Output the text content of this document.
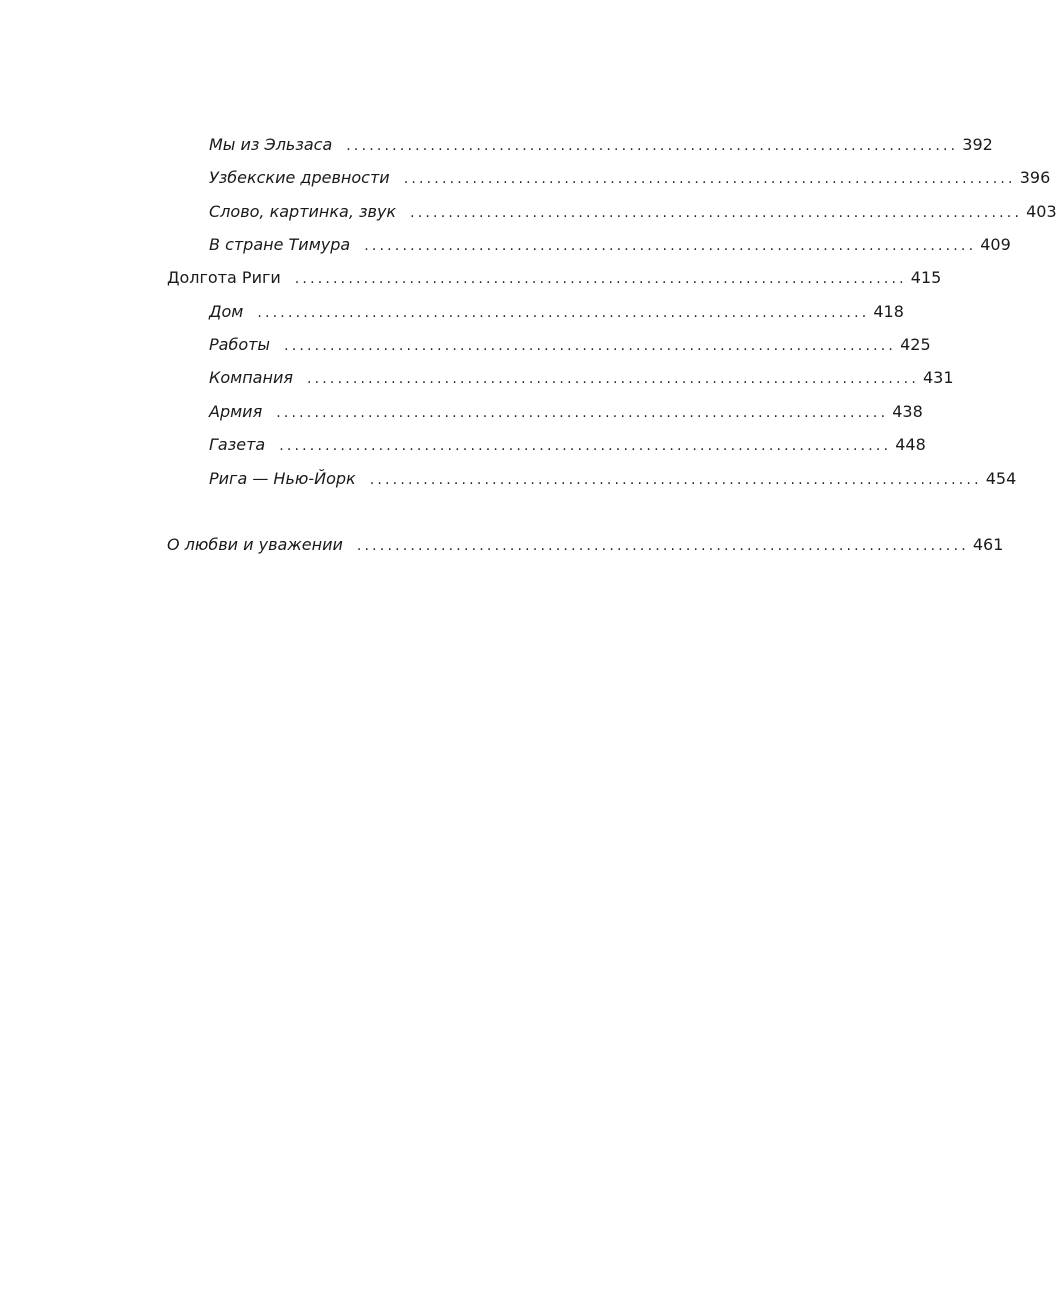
Мы из Эльзаса ................................................................................ 392
Узбекские древности ................................................................................ 396
Слово, картинка, звук ................................................................................ 403
В стране Тимура ................................................................................ 409
Долгота Риги ................................................................................ 415
Дом ................................................................................ 418
Работы ................................................................................ 425
Компания ................................................................................ 431
Армия ................................................................................ 438
Газета ................................................................................ 448
Рига — Нью-Йорк ................................................................................ 454
О любви и уважении ................................................................................ 461
